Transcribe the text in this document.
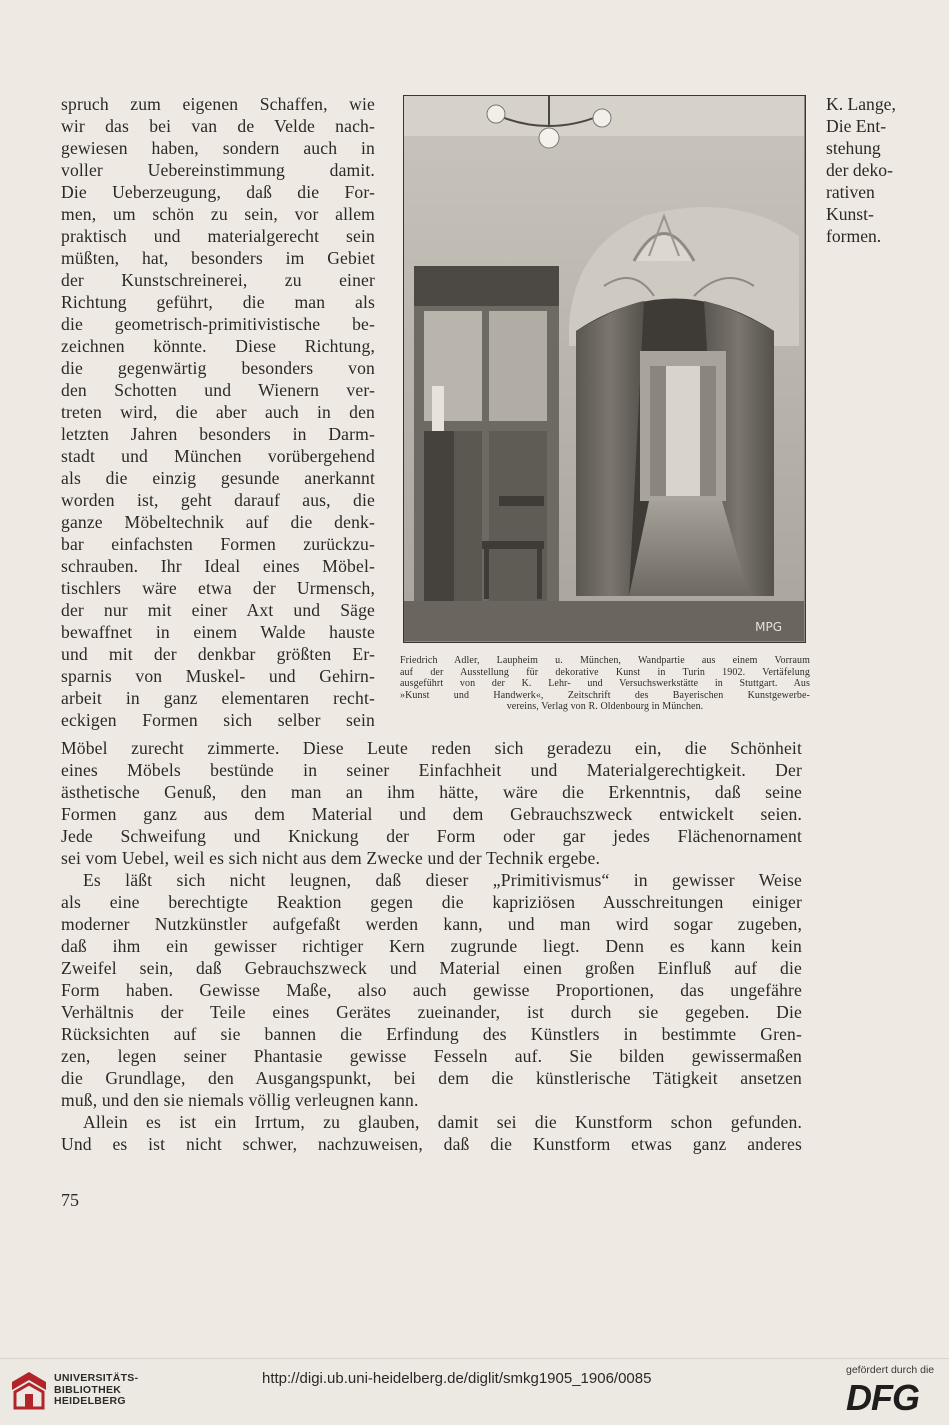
spruch zum eigenen Schaffen, wie
wir das bei van de Velde nach-
gewiesen haben, sondern auch in
voller Uebereinstimmung damit.
Die Ueberzeugung, daß die For-
men, um schön zu sein, vor allem
praktisch und materialgerecht sein
müßten, hat, besonders im Gebiet
der Kunstschreinerei, zu einer
Richtung geführt, die man als
die geometrisch-primitivistische be-
zeichnen könnte. Diese Richtung,
die gegenwärtig besonders von
den Schotten und Wienern ver-
treten wird, die aber auch in den
letzten Jahren besonders in Darm-
stadt und München vorübergehend
als die einzig gesunde anerkannt
worden ist, geht darauf aus, die
ganze Möbeltechnik auf die denk-
bar einfachsten Formen zurückzu-
schrauben. Ihr Ideal eines Möbel-
tischlers wäre etwa der Urmensch,
der nur mit einer Axt und Säge
bewaffnet in einem Walde hauste
und mit der denkbar größten Er-
sparnis von Muskel- und Gehirn-
arbeit in ganz elementaren recht-
eckigen Formen sich selber sein
K. Lange,
Die Ent-
stehung
der deko-
rativen
Kunst-
formen.
MPG
Friedrich Adler, Laupheim u. München, Wandpartie aus einem Vorraum
auf der Ausstellung für dekorative Kunst in Turin 1902. Vertäfelung
ausgeführt von der K. Lehr- und Versuchswerkstätte in Stuttgart. Aus
»Kunst und Handwerk«, Zeitschrift des Bayerischen Kunstgewerbe-
vereins, Verlag von R. Oldenbourg in München.
Möbel zurecht zimmerte. Diese Leute reden sich geradezu ein, die Schönheit
eines Möbels bestünde in seiner Einfachheit und Materialgerechtigkeit. Der
ästhetische Genuß, den man an ihm hätte, wäre die Erkenntnis, daß seine
Formen ganz aus dem Material und dem Gebrauchszweck entwickelt seien.
Jede Schweifung und Knickung der Form oder gar jedes Flächenornament
sei vom Uebel, weil es sich nicht aus dem Zwecke und der Technik ergebe.
Es läßt sich nicht leugnen, daß dieser „Primitivismus“ in gewisser Weise
als eine berechtigte Reaktion gegen die kapriziösen Ausschreitungen einiger
moderner Nutzkünstler aufgefaßt werden kann, und man wird sogar zugeben,
daß ihm ein gewisser richtiger Kern zugrunde liegt. Denn es kann kein
Zweifel sein, daß Gebrauchszweck und Material einen großen Einfluß auf die
Form haben. Gewisse Maße, also auch gewisse Proportionen, das ungefähre
Verhältnis der Teile eines Gerätes zueinander, ist durch sie gegeben. Die
Rücksichten auf sie bannen die Erfindung des Künstlers in bestimmte Gren-
zen, legen seiner Phantasie gewisse Fesseln auf. Sie bilden gewissermaßen
die Grundlage, den Ausgangspunkt, bei dem die künstlerische Tätigkeit ansetzen
muß, und den sie niemals völlig verleugnen kann.
Allein es ist ein Irrtum, zu glauben, damit sei die Kunstform schon gefunden.
Und es ist nicht schwer, nachzuweisen, daß die Kunstform etwas ganz anderes
75
UNIVERSITÄTS-
BIBLIOTHEK
HEIDELBERG
http://digi.ub.uni-heidelberg.de/diglit/smkg1905_1906/0085	gefördert durch die
DFG
